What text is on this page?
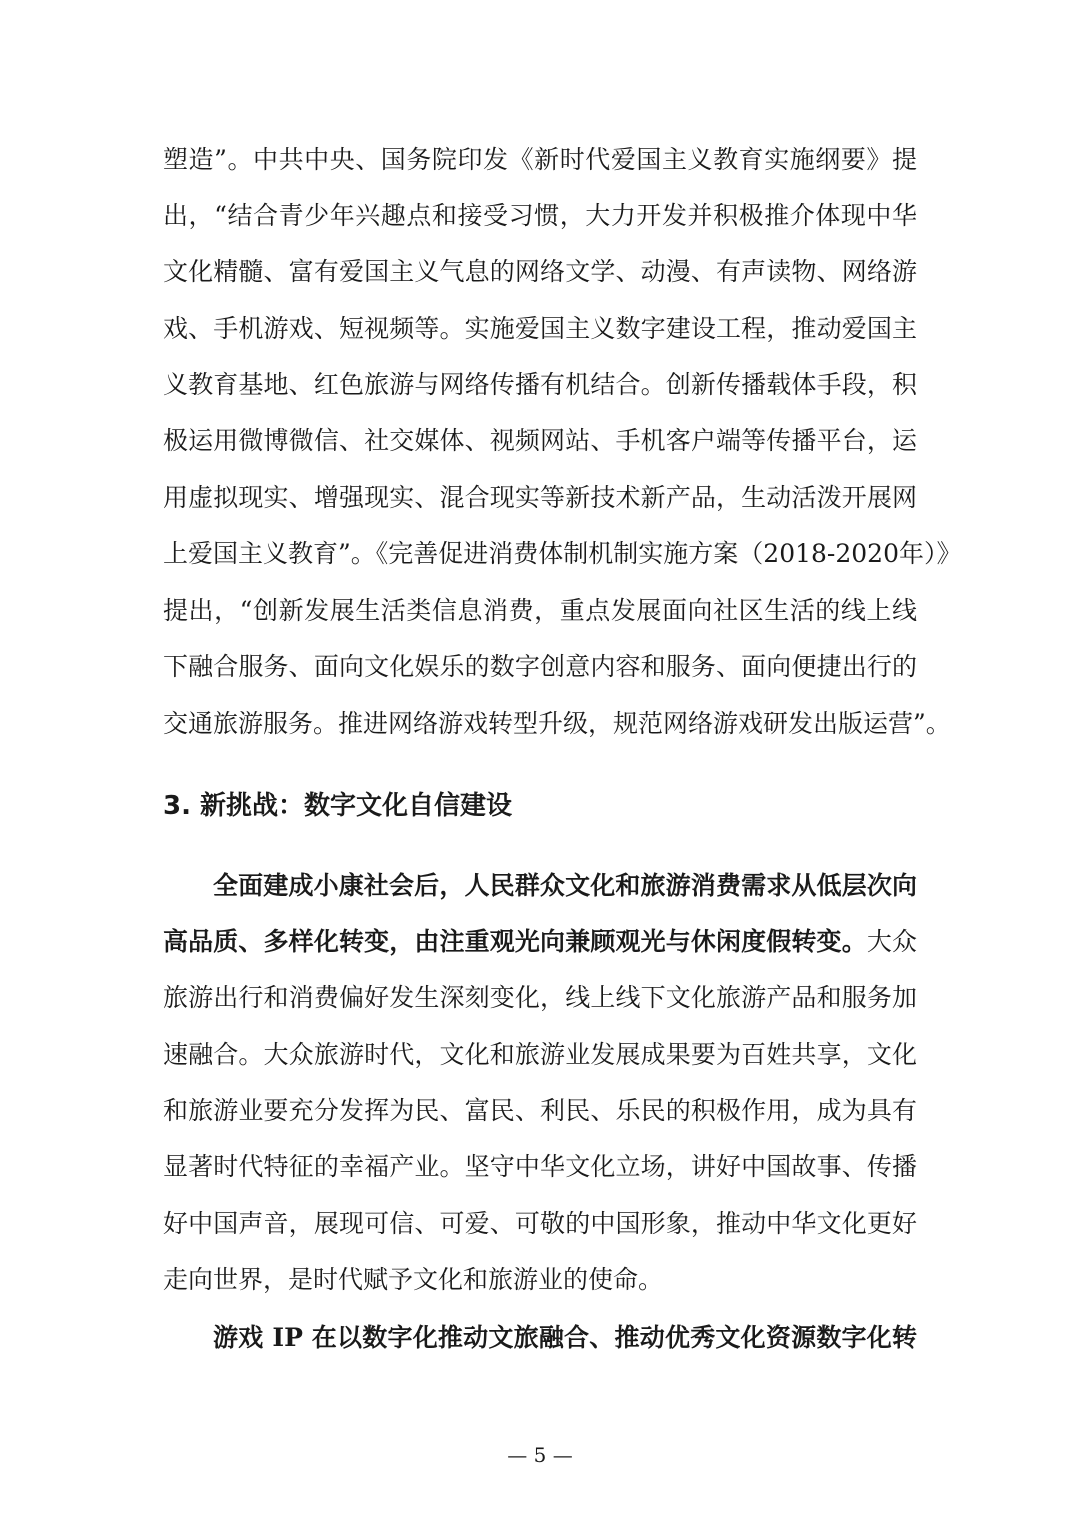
塑造”。中共中央、国务院印发《新时代爱国主义教育实施纲要》提
出，“结合青少年兴趣点和接受习惯，大力开发并积极推介体现中华
文化精髓、富有爱国主义气息的网络文学、动漫、有声读物、网络游
戏、手机游戏、短视频等。实施爱国主义数字建设工程，推动爱国主
义教育基地、红色旅游与网络传播有机结合。创新传播载体手段，积
极运用微博微信、社交媒体、视频网站、手机客户端等传播平台，运
用虚拟现实、增强现实、混合现实等新技术新产品，生动活泼开展网
上爱国主义教育”。《完善促进消费体制机制实施方案（2018-2020年）》
提出，“创新发展生活类信息消费，重点发展面向社区生活的线上线
下融合服务、面向文化娱乐的数字创意内容和服务、面向便捷出行的
交通旅游服务。推进网络游戏转型升级，规范网络游戏研发出版运营”。
3. 新挑战：数字文化自信建设
全面建成小康社会后，人民群众文化和旅游消费需求从低层次向
高品质、多样化转变，由注重观光向兼顾观光与休闲度假转变。大众
旅游出行和消费偏好发生深刻变化，线上线下文化旅游产品和服务加
速融合。大众旅游时代，文化和旅游业发展成果要为百姓共享，文化
和旅游业要充分发挥为民、富民、利民、乐民的积极作用，成为具有
显著时代特征的幸福产业。坚守中华文化立场，讲好中国故事、传播
好中国声音，展现可信、可爱、可敬的中国形象，推动中华文化更好
走向世界，是时代赋予文化和旅游业的使命。
游戏 IP 在以数字化推动文旅融合、推动优秀文化资源数字化转
— 5 —
